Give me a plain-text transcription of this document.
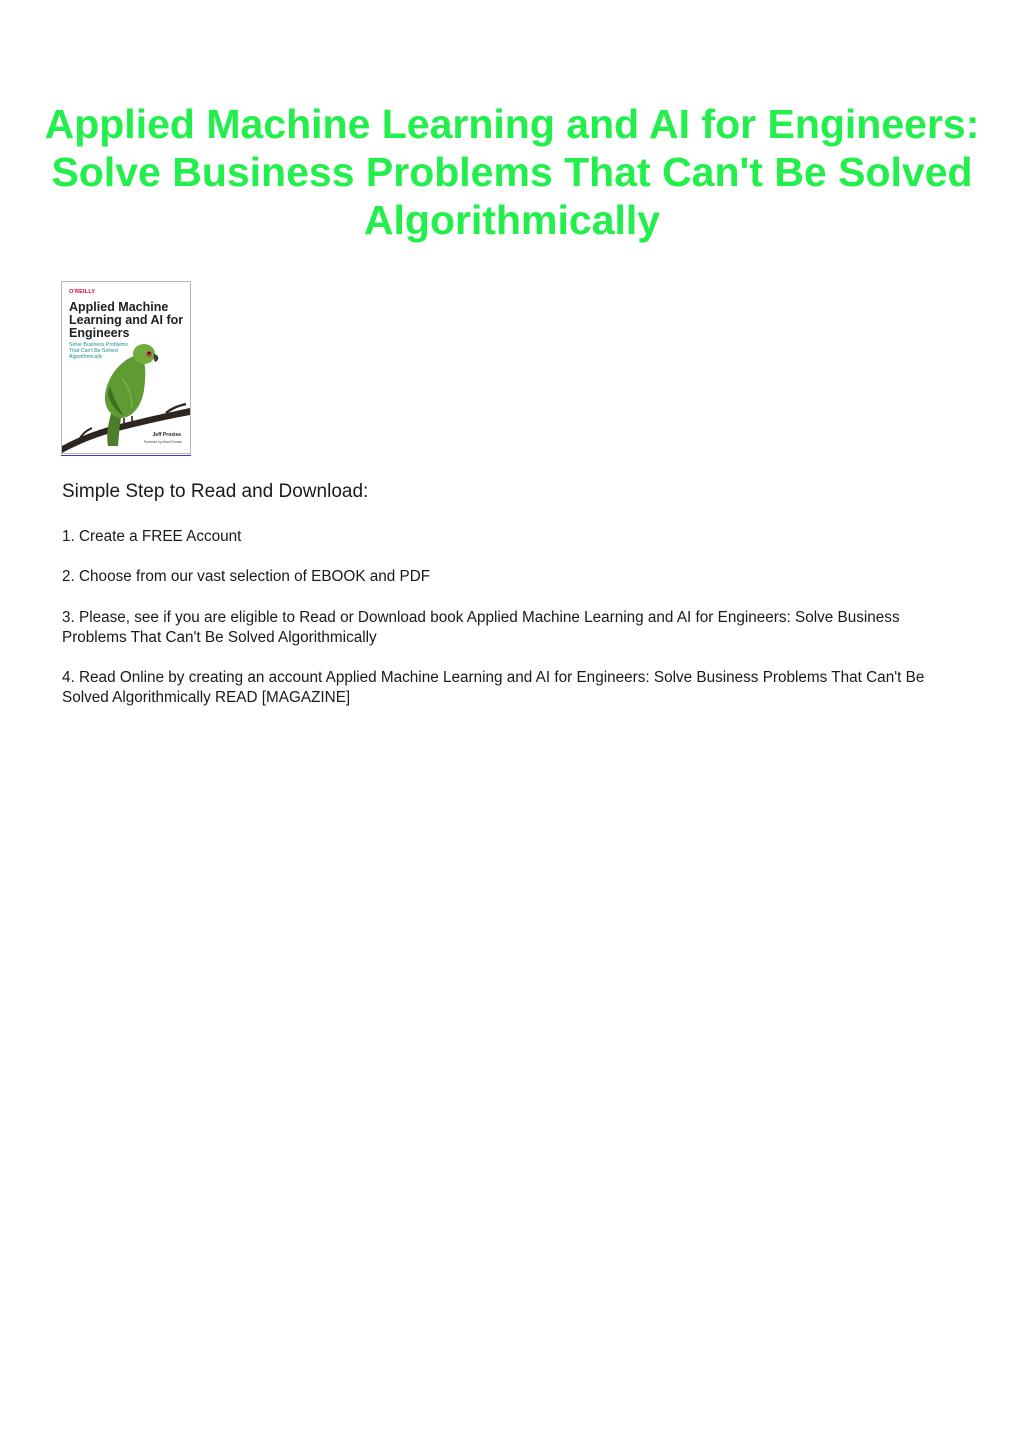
Applied Machine Learning and AI for Engineers: Solve Business Problems That Can't Be Solved Algorithmically
O'REILLY
Applied Machine Learning and AI for Engineers
Solve Business Problems That Can't Be Solved Algorithmically
Jeff Prosise
Foreword by Adam Prosise
Simple Step to Read and Download:

1. Create a FREE Account

2. Choose from our vast selection of EBOOK and PDF

3. Please, see if you are eligible to Read or Download book Applied Machine Learning and AI for Engineers: Solve Business Problems That Can't Be Solved Algorithmically

4. Read Online by creating an account Applied Machine Learning and AI for Engineers: Solve Business Problems That Can't Be Solved Algorithmically READ [MAGAZINE]
